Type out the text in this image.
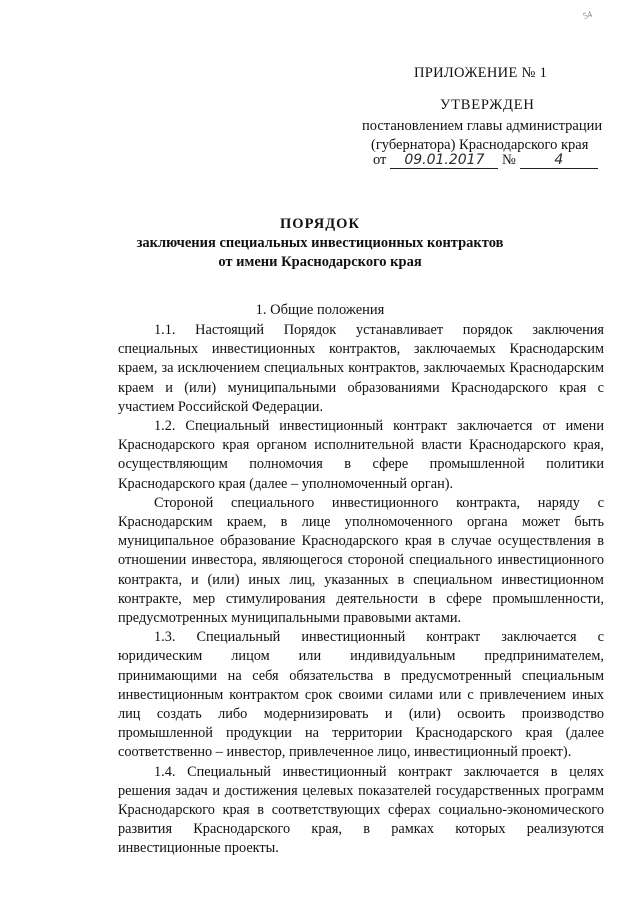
54
ПРИЛОЖЕНИЕ № 1
УТВЕРЖДЕН
постановлением главы администрации
(губернатора) Краснодарского края
от 09.01.2017 №	4
ПОРЯДОК
заключения специальных инвестиционных контрактов
от имени Краснодарского края
1. Общие положения

1.1. Настоящий Порядок устанавливает порядок заключения специальных инвестиционных контрактов, заключаемых Краснодарским краем, за исключением специальных контрактов, заключаемых Краснодарским краем и (или) муниципальными образованиями Краснодарского края с участием Российской Федерации.

1.2. Специальный инвестиционный контракт заключается от имени Краснодарского края органом исполнительной власти Краснодарского края, осуществляющим полномочия в сфере промышленной политики Краснодарского края (далее – уполномоченный орган).

Стороной специального инвестиционного контракта, наряду с Краснодарским краем, в лице уполномоченного органа может быть муниципальное образование Краснодарского края в случае осуществления в отношении инвестора, являющегося стороной специального инвестиционного контракта, и (или) иных лиц, указанных в специальном инвестиционном контракте, мер стимулирования деятельности в сфере промышленности, предусмотренных муниципальными правовыми актами.

1.3. Специальный инвестиционный контракт заключается с юридическим лицом или индивидуальным предпринимателем, принимающими на себя обязательства в предусмотренный специальным инвестиционным контрактом срок своими силами или с привлечением иных лиц создать либо модернизировать и (или) освоить производство промышленной продукции на территории Краснодарского края (далее соответственно – инвестор, привлеченное лицо, инвестиционный проект).

1.4. Специальный инвестиционный контракт заключается в целях решения задач и достижения целевых показателей государственных программ Краснодарского края в соответствующих сферах социально-экономического развития Краснодарского края, в рамках которых реализуются инвестиционные проекты.
